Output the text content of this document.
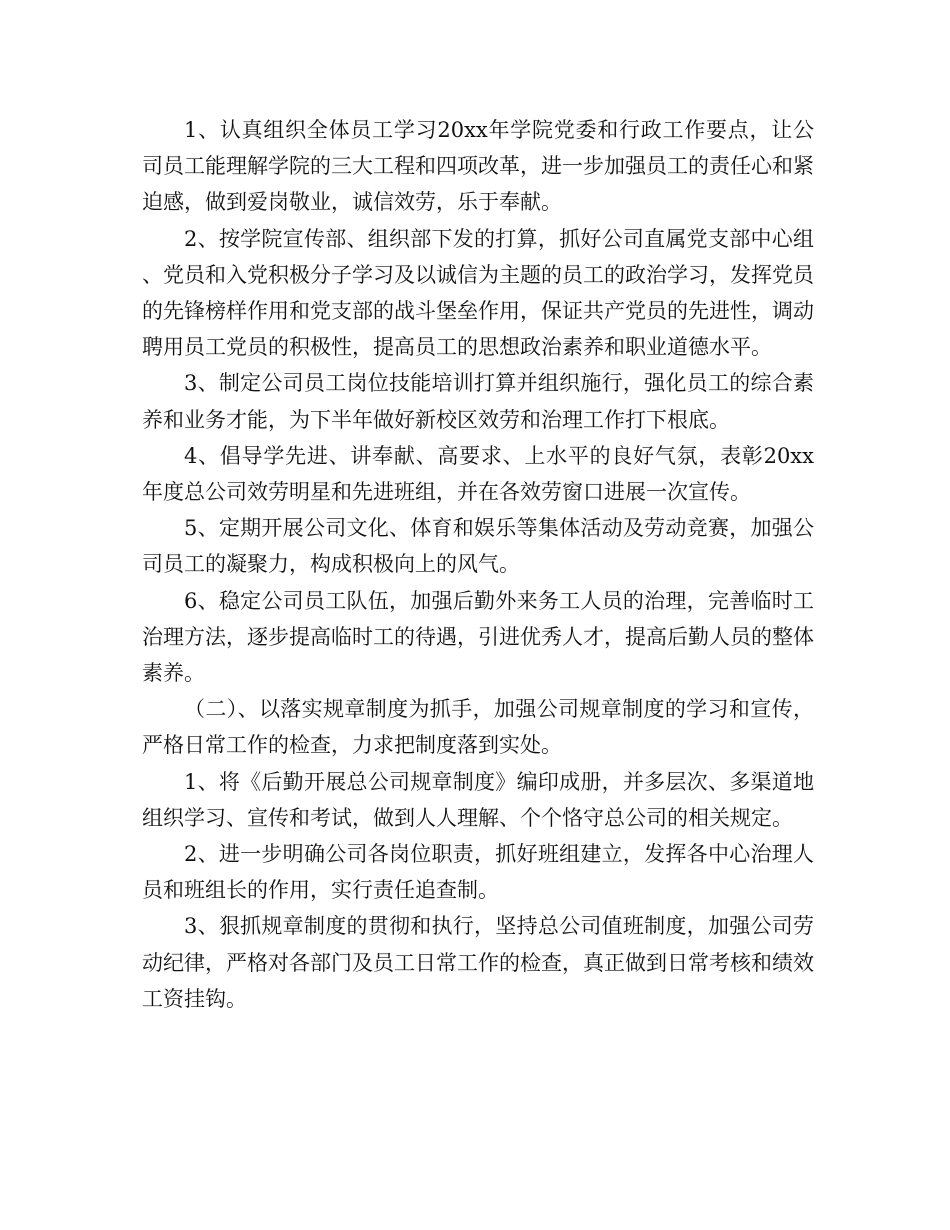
1、认真组织全体员工学习20xx年学院党委和行政工作要点，让公司员工能理解学院的三大工程和四项改革，进一步加强员工的责任心和紧迫感，做到爱岗敬业，诚信效劳，乐于奉献。

2、按学院宣传部、组织部下发的打算，抓好公司直属党支部中心组、党员和入党积极分子学习及以诚信为主题的员工的政治学习，发挥党员的先锋榜样作用和党支部的战斗堡垒作用，保证共产党员的先进性，调动聘用员工党员的积极性，提高员工的思想政治素养和职业道德水平。

3、制定公司员工岗位技能培训打算并组织施行，强化员工的综合素养和业务才能，为下半年做好新校区效劳和治理工作打下根底。

4、倡导学先进、讲奉献、高要求、上水平的良好气氛，表彰20xx年度总公司效劳明星和先进班组，并在各效劳窗口进展一次宣传。

5、定期开展公司文化、体育和娱乐等集体活动及劳动竞赛，加强公司员工的凝聚力，构成积极向上的风气。

6、稳定公司员工队伍，加强后勤外来务工人员的治理，完善临时工治理方法，逐步提高临时工的待遇，引进优秀人才，提高后勤人员的整体素养。

（二）、以落实规章制度为抓手，加强公司规章制度的学习和宣传，严格日常工作的检查，力求把制度落到实处。

1、将《后勤开展总公司规章制度》编印成册，并多层次、多渠道地组织学习、宣传和考试，做到人人理解、个个恪守总公司的相关规定。

2、进一步明确公司各岗位职责，抓好班组建立，发挥各中心治理人员和班组长的作用，实行责任追查制。

3、狠抓规章制度的贯彻和执行，坚持总公司值班制度，加强公司劳动纪律，严格对各部门及员工日常工作的检查，真正做到日常考核和绩效工资挂钩。
